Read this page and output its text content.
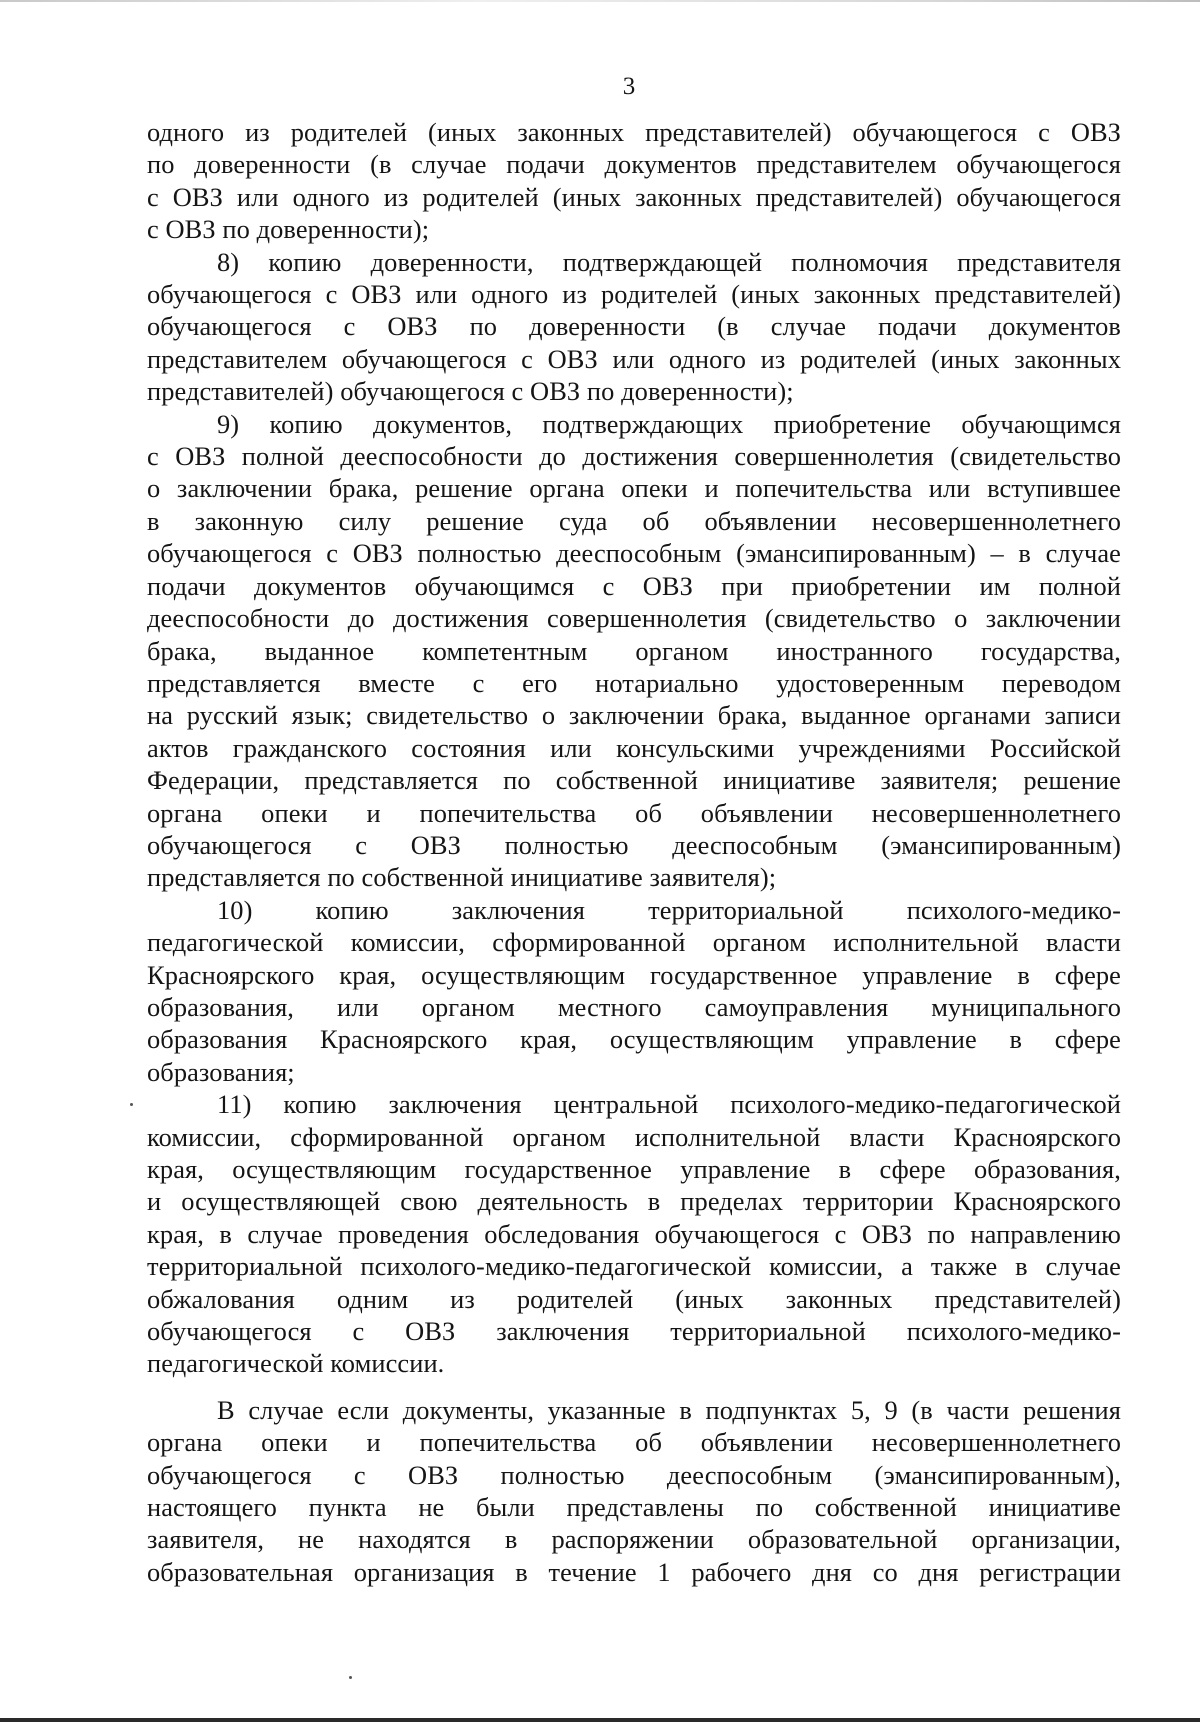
3

одного из родителей (иных законных представителей) обучающегося с ОВЗ
по доверенности (в случае подачи документов представителем обучающегося
с ОВЗ или одного из родителей (иных законных представителей) обучающегося
с ОВЗ по доверенности);

8) копию доверенности, подтверждающей полномочия представителя
обучающегося с ОВЗ или одного из родителей (иных законных представителей)
обучающегося с ОВЗ по доверенности (в случае подачи документов
представителем обучающегося с ОВЗ или одного из родителей (иных законных
представителей) обучающегося с ОВЗ по доверенности);

9) копию документов, подтверждающих приобретение обучающимся
с ОВЗ полной дееспособности до достижения совершеннолетия (свидетельство
о заключении брака, решение органа опеки и попечительства или вступившее
в законную силу решение суда об объявлении несовершеннолетнего
обучающегося с ОВЗ полностью дееспособным (эмансипированным) – в случае
подачи документов обучающимся с ОВЗ при приобретении им полной
дееспособности до достижения совершеннолетия (свидетельство о заключении
брака, выданное компетентным органом иностранного государства,
представляется вместе с его нотариально удостоверенным переводом
на русский язык; свидетельство о заключении брака, выданное органами записи
актов гражданского состояния или консульскими учреждениями Российской
Федерации, представляется по собственной инициативе заявителя; решение
органа опеки и попечительства об объявлении несовершеннолетнего
обучающегося с ОВЗ полностью дееспособным (эмансипированным)
представляется по собственной инициативе заявителя);

10) копию заключения территориальной психолого-медико-
педагогической комиссии, сформированной органом исполнительной власти
Красноярского края, осуществляющим государственное управление в сфере
образования, или органом местного самоуправления муниципального
образования Красноярского края, осуществляющим управление в сфере
образования;

11) копию заключения центральной психолого-медико-педагогической
комиссии, сформированной органом исполнительной власти Красноярского
края, осуществляющим государственное управление в сфере образования,
и осуществляющей свою деятельность в пределах территории Красноярского
края, в случае проведения обследования обучающегося с ОВЗ по направлению
территориальной психолого-медико-педагогической комиссии, а также в случае
обжалования одним из родителей (иных законных представителей)
обучающегося с ОВЗ заключения территориальной психолого-медико-
педагогической комиссии.

В случае если документы, указанные в подпунктах 5, 9 (в части решения
органа опеки и попечительства об объявлении несовершеннолетнего
обучающегося с ОВЗ полностью дееспособным (эмансипированным),
настоящего пункта не были представлены по собственной инициативе
заявителя, не находятся в распоряжении образовательной организации,
образовательная организация в течение 1 рабочего дня со дня регистрации
